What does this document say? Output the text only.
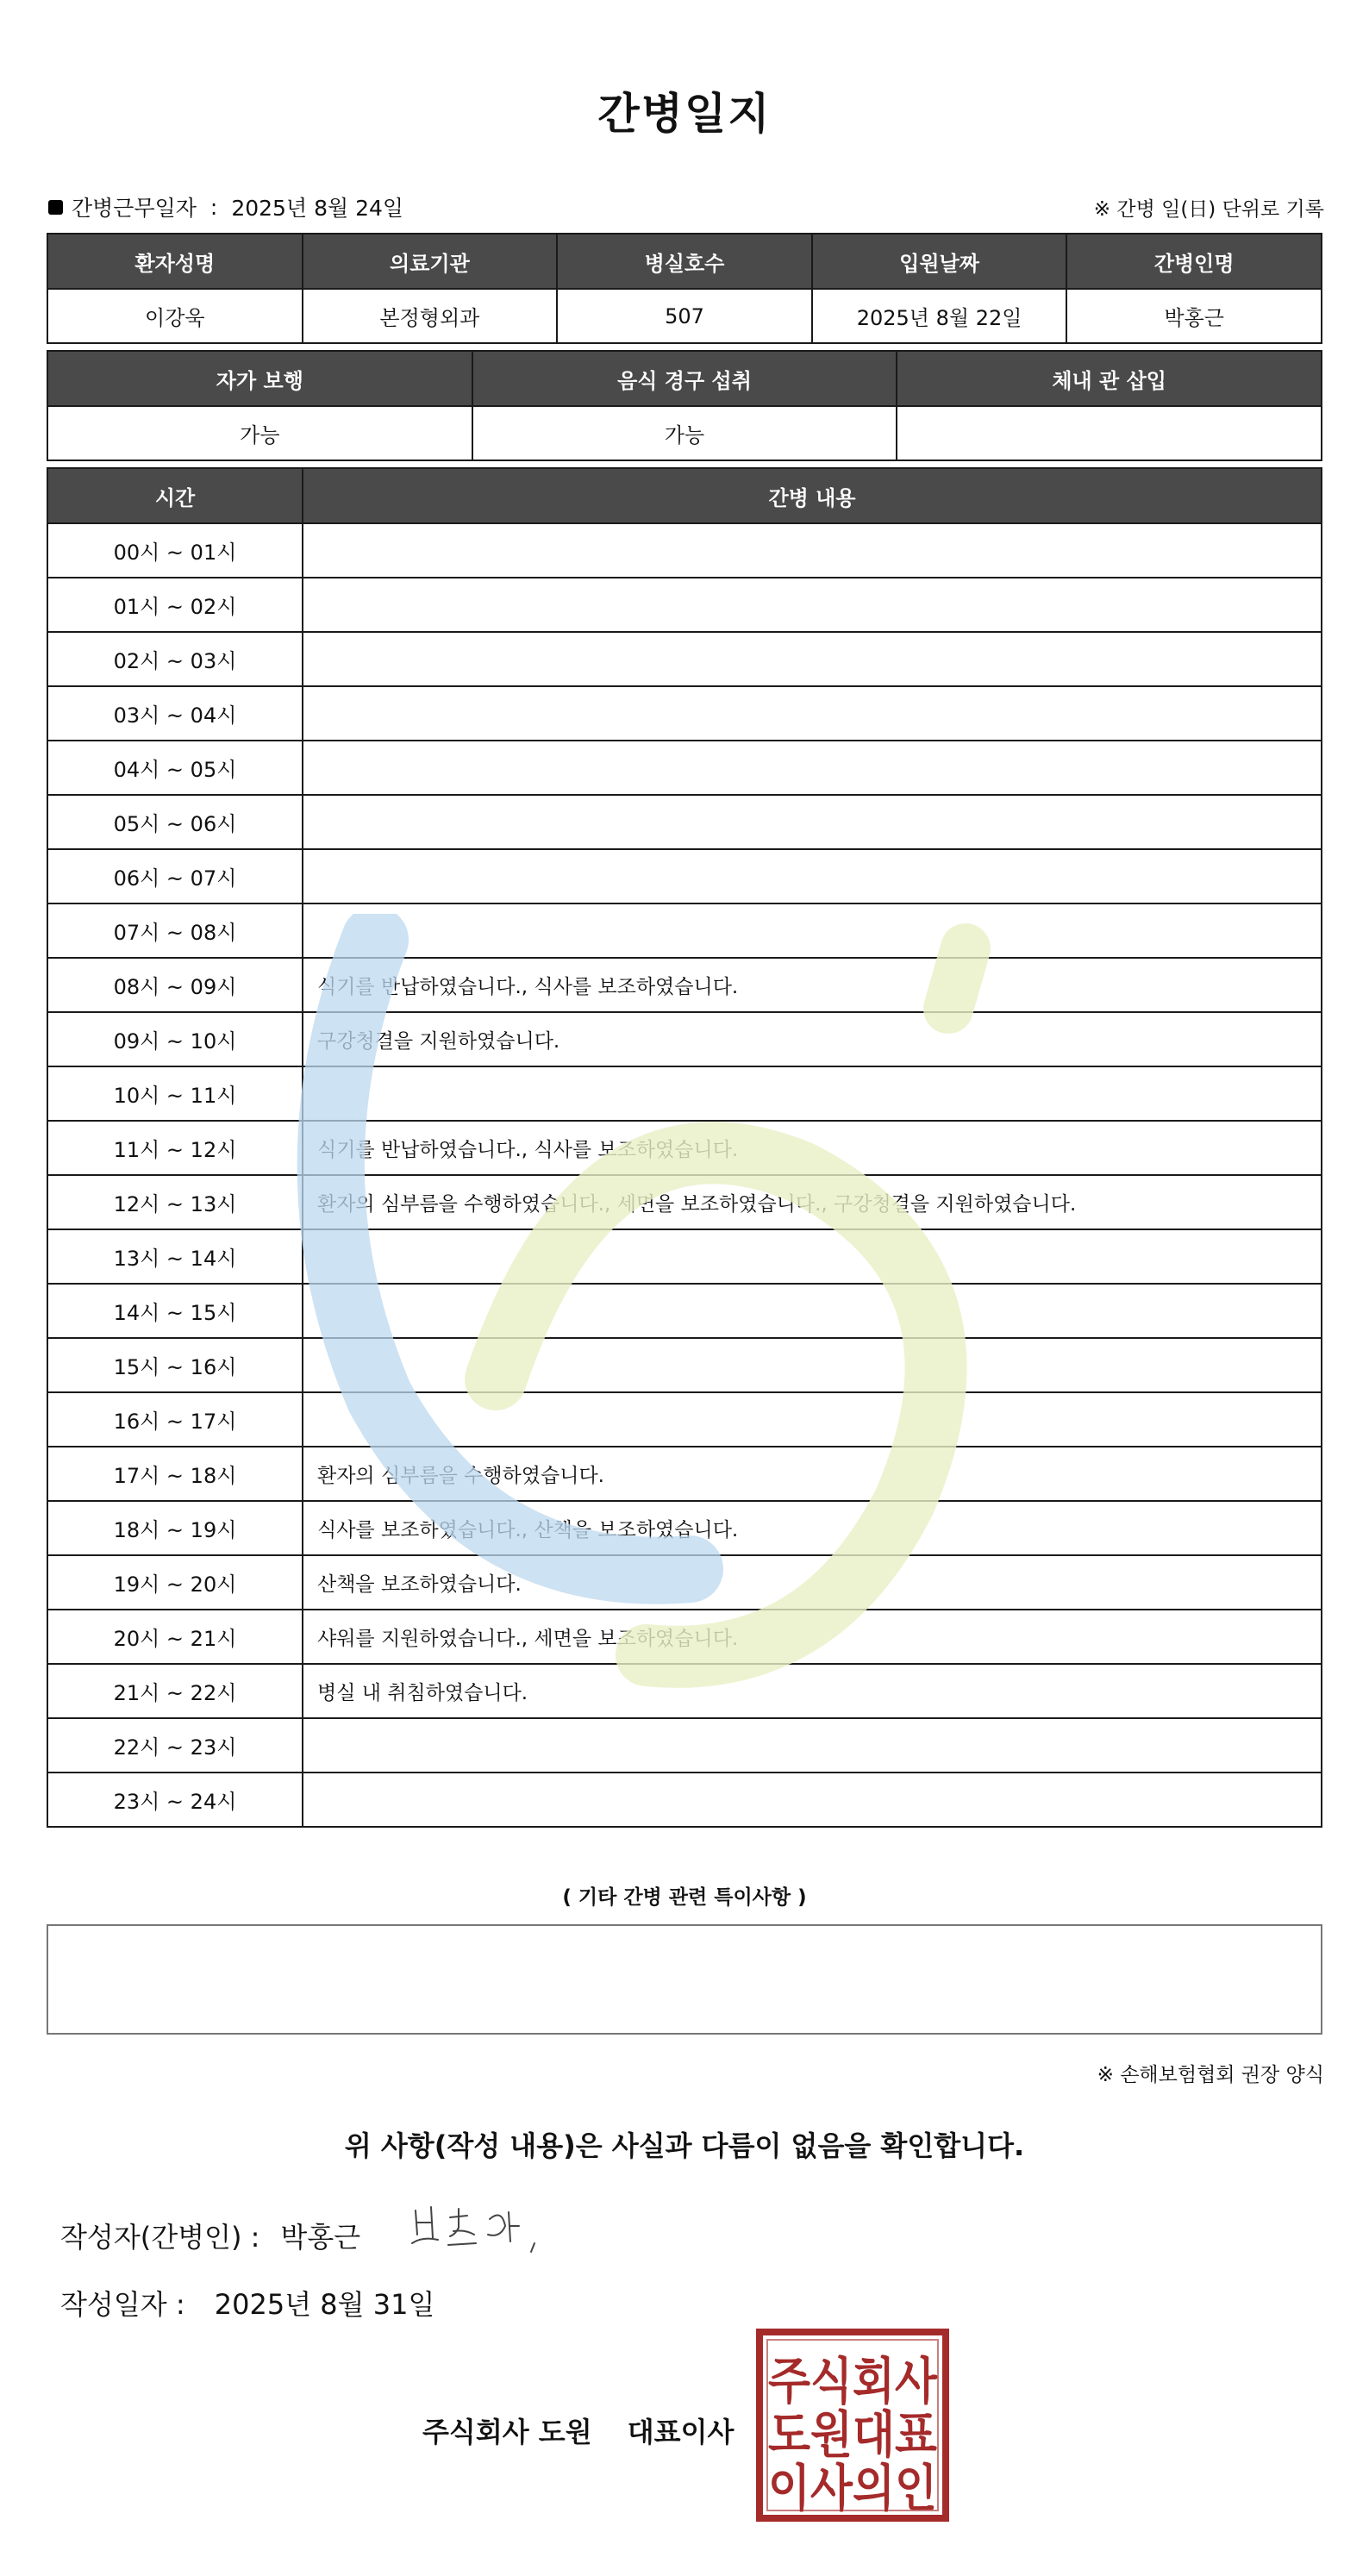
간병일지
간병근무일자 : 2025년 8월 24일	※ 간병 일(日) 단위로 기록
환자성명	의료기관	병실호수	입원날짜	간병인명
이강욱	본정형외과	507	2025년 8월 22일	박홍근
자가 보행	음식 경구 섭취	체내 관 삽입
가능	가능	
시간	간병 내용
00시 ~ 01시	
01시 ~ 02시	
02시 ~ 03시	
03시 ~ 04시	
04시 ~ 05시	
05시 ~ 06시	
06시 ~ 07시	
07시 ~ 08시	
08시 ~ 09시	식기를 반납하였습니다., 식사를 보조하였습니다.
09시 ~ 10시	구강청결을 지원하였습니다.
10시 ~ 11시	
11시 ~ 12시	식기를 반납하였습니다., 식사를 보조하였습니다.
12시 ~ 13시	환자의 심부름을 수행하였습니다., 세면을 보조하였습니다., 구강청결을 지원하였습니다.
13시 ~ 14시	
14시 ~ 15시	
15시 ~ 16시	
16시 ~ 17시	
17시 ~ 18시	환자의 심부름을 수행하였습니다.
18시 ~ 19시	식사를 보조하였습니다., 산책을 보조하였습니다.
19시 ~ 20시	산책을 보조하였습니다.
20시 ~ 21시	샤워를 지원하였습니다., 세면을 보조하였습니다.
21시 ~ 22시	병실 내 취침하였습니다.
22시 ~ 23시	
23시 ~ 24시	
( 기타 간병 관련 특이사항 )
※ 손해보험협회 권장 양식
위 사항(작성 내용)은 사실과 다름이 없음을 확인합니다.
작성자(간병인) : 박홍근
작성일자 : 2025년 8월 31일
주식회사 도원 대표이사
주식회사
도원대표
이사의인
